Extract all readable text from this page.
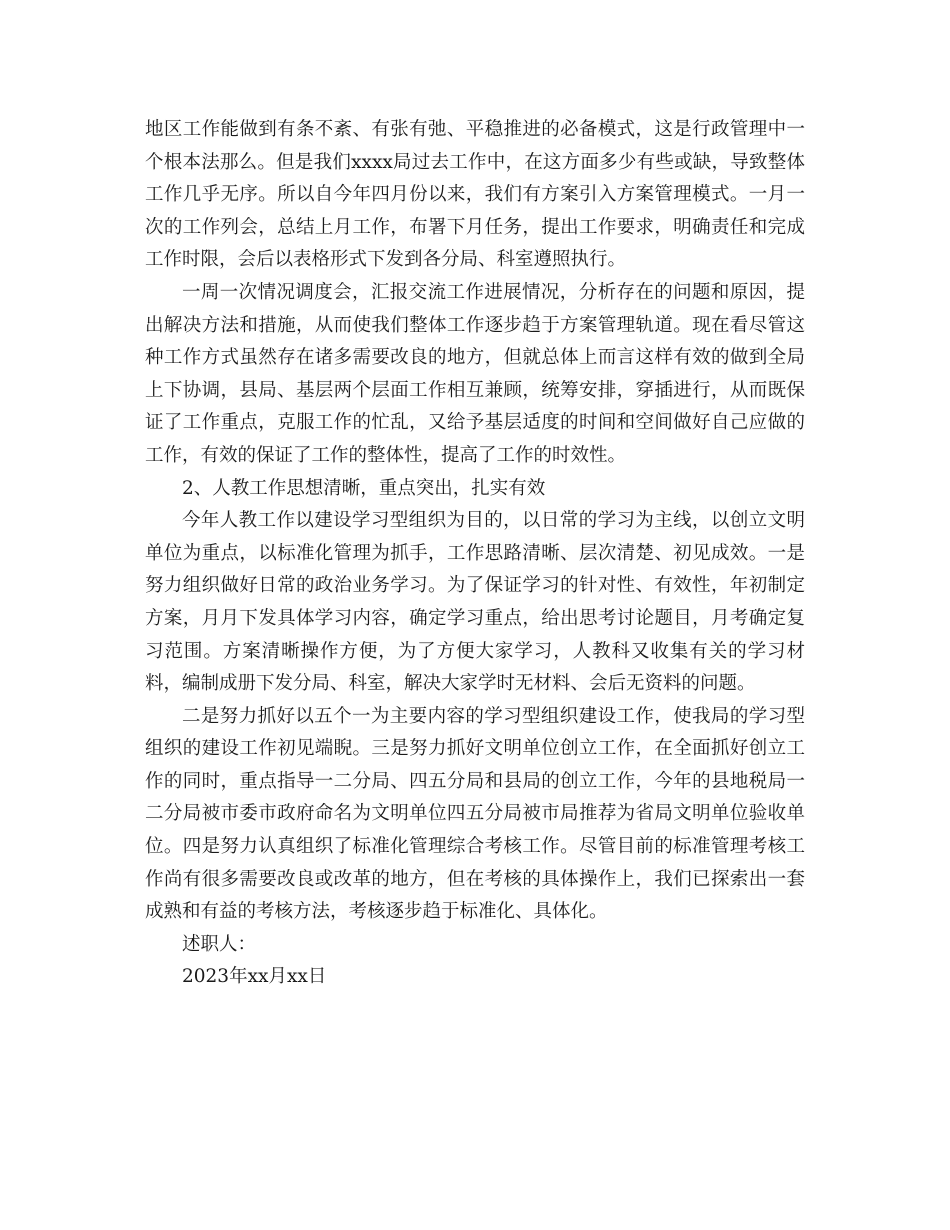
地区工作能做到有条不紊、有张有弛、平稳推进的必备模式，这是行政管理中一个根本法那么。但是我们xxxx局过去工作中，在这方面多少有些或缺，导致整体工作几乎无序。所以自今年四月份以来，我们有方案引入方案管理模式。一月一次的工作列会，总结上月工作，布署下月任务，提出工作要求，明确责任和完成工作时限，会后以表格形式下发到各分局、科室遵照执行。

一周一次情况调度会，汇报交流工作进展情况，分析存在的问题和原因，提出解决方法和措施，从而使我们整体工作逐步趋于方案管理轨道。现在看尽管这种工作方式虽然存在诸多需要改良的地方，但就总体上而言这样有效的做到全局上下协调，县局、基层两个层面工作相互兼顾，统筹安排，穿插进行，从而既保证了工作重点，克服工作的忙乱，又给予基层适度的时间和空间做好自己应做的工作，有效的保证了工作的整体性，提高了工作的时效性。

2、人教工作思想清晰，重点突出，扎实有效

今年人教工作以建设学习型组织为目的，以日常的学习为主线，以创立文明单位为重点，以标准化管理为抓手，工作思路清晰、层次清楚、初见成效。一是努力组织做好日常的政治业务学习。为了保证学习的针对性、有效性，年初制定方案，月月下发具体学习内容，确定学习重点，给出思考讨论题目，月考确定复习范围。方案清晰操作方便，为了方便大家学习，人教科又收集有关的学习材料，编制成册下发分局、科室，解决大家学时无材料、会后无资料的问题。

二是努力抓好以五个一为主要内容的学习型组织建设工作，使我局的学习型组织的建设工作初见端睨。三是努力抓好文明单位创立工作，在全面抓好创立工作的同时，重点指导一二分局、四五分局和县局的创立工作，今年的县地税局一二分局被市委市政府命名为文明单位四五分局被市局推荐为省局文明单位验收单位。四是努力认真组织了标准化管理综合考核工作。尽管目前的标准管理考核工作尚有很多需要改良或改革的地方，但在考核的具体操作上，我们已探索出一套成熟和有益的考核方法，考核逐步趋于标准化、具体化。

述职人：

2023年xx月xx日
